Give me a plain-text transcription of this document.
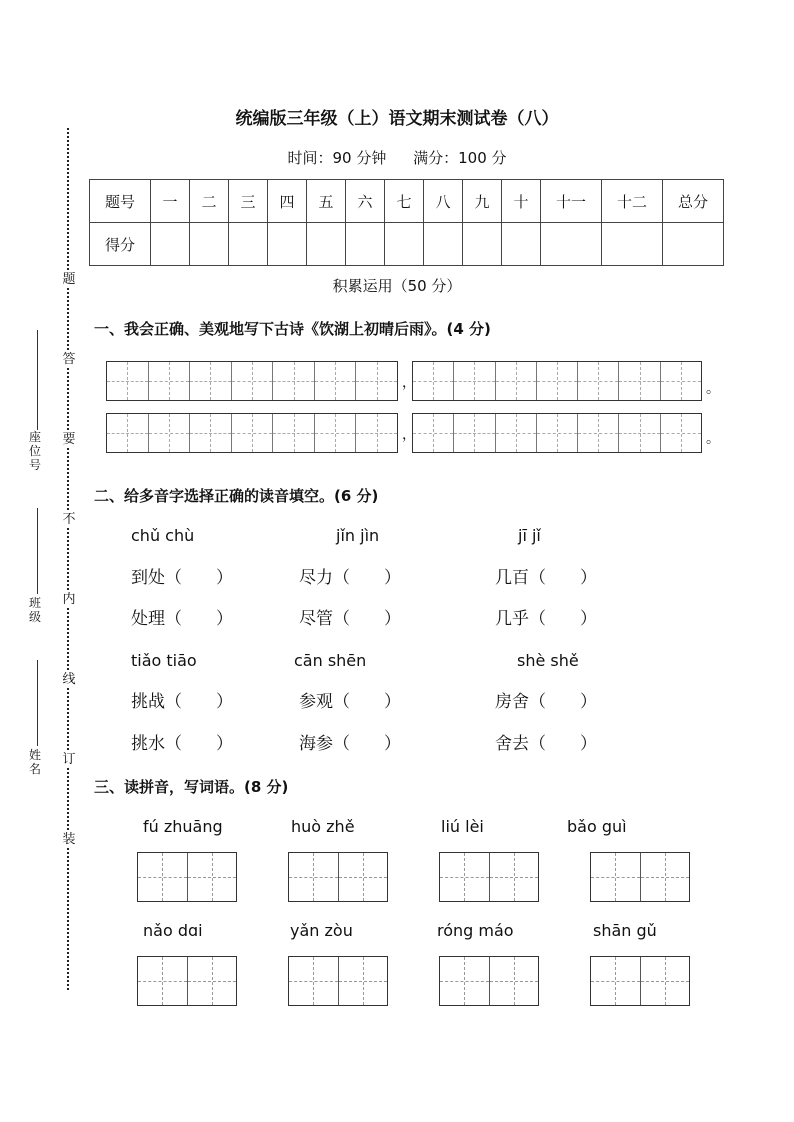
题
答
要
不
内
线
订
装
座位号
班级
姓名
统编版三年级（上）语文期末测试卷（八）
时间：90 分钟 满分：100 分
题号	一	二	三	四	五	六	七	八	九	十	十一	十二	总分
得分													
积累运用（50 分）
一、我会正确、美观地写下古诗《饮湖上初晴后雨》。(4 分)
，	。
，	。
二、给多音字选择正确的读音填空。(6 分)
chǔ chù	jǐn jìn	jī jǐ
到处（　　）	尽力（　　）	几百（　　）
处理（　　）	尽管（　　）	几乎（　　）
tiǎo tiāo	cān shēn	shè shě
挑战（　　）	参观（　　）	房舍（　　）
挑水（　　）	海参（　　）	舍去（　　）
三、读拼音，写词语。(8 分)
fú zhuāng	huò zhě	liú lèi	bǎo guì
nǎo dɑi	yǎn zòu	róng máo	shān gǔ
